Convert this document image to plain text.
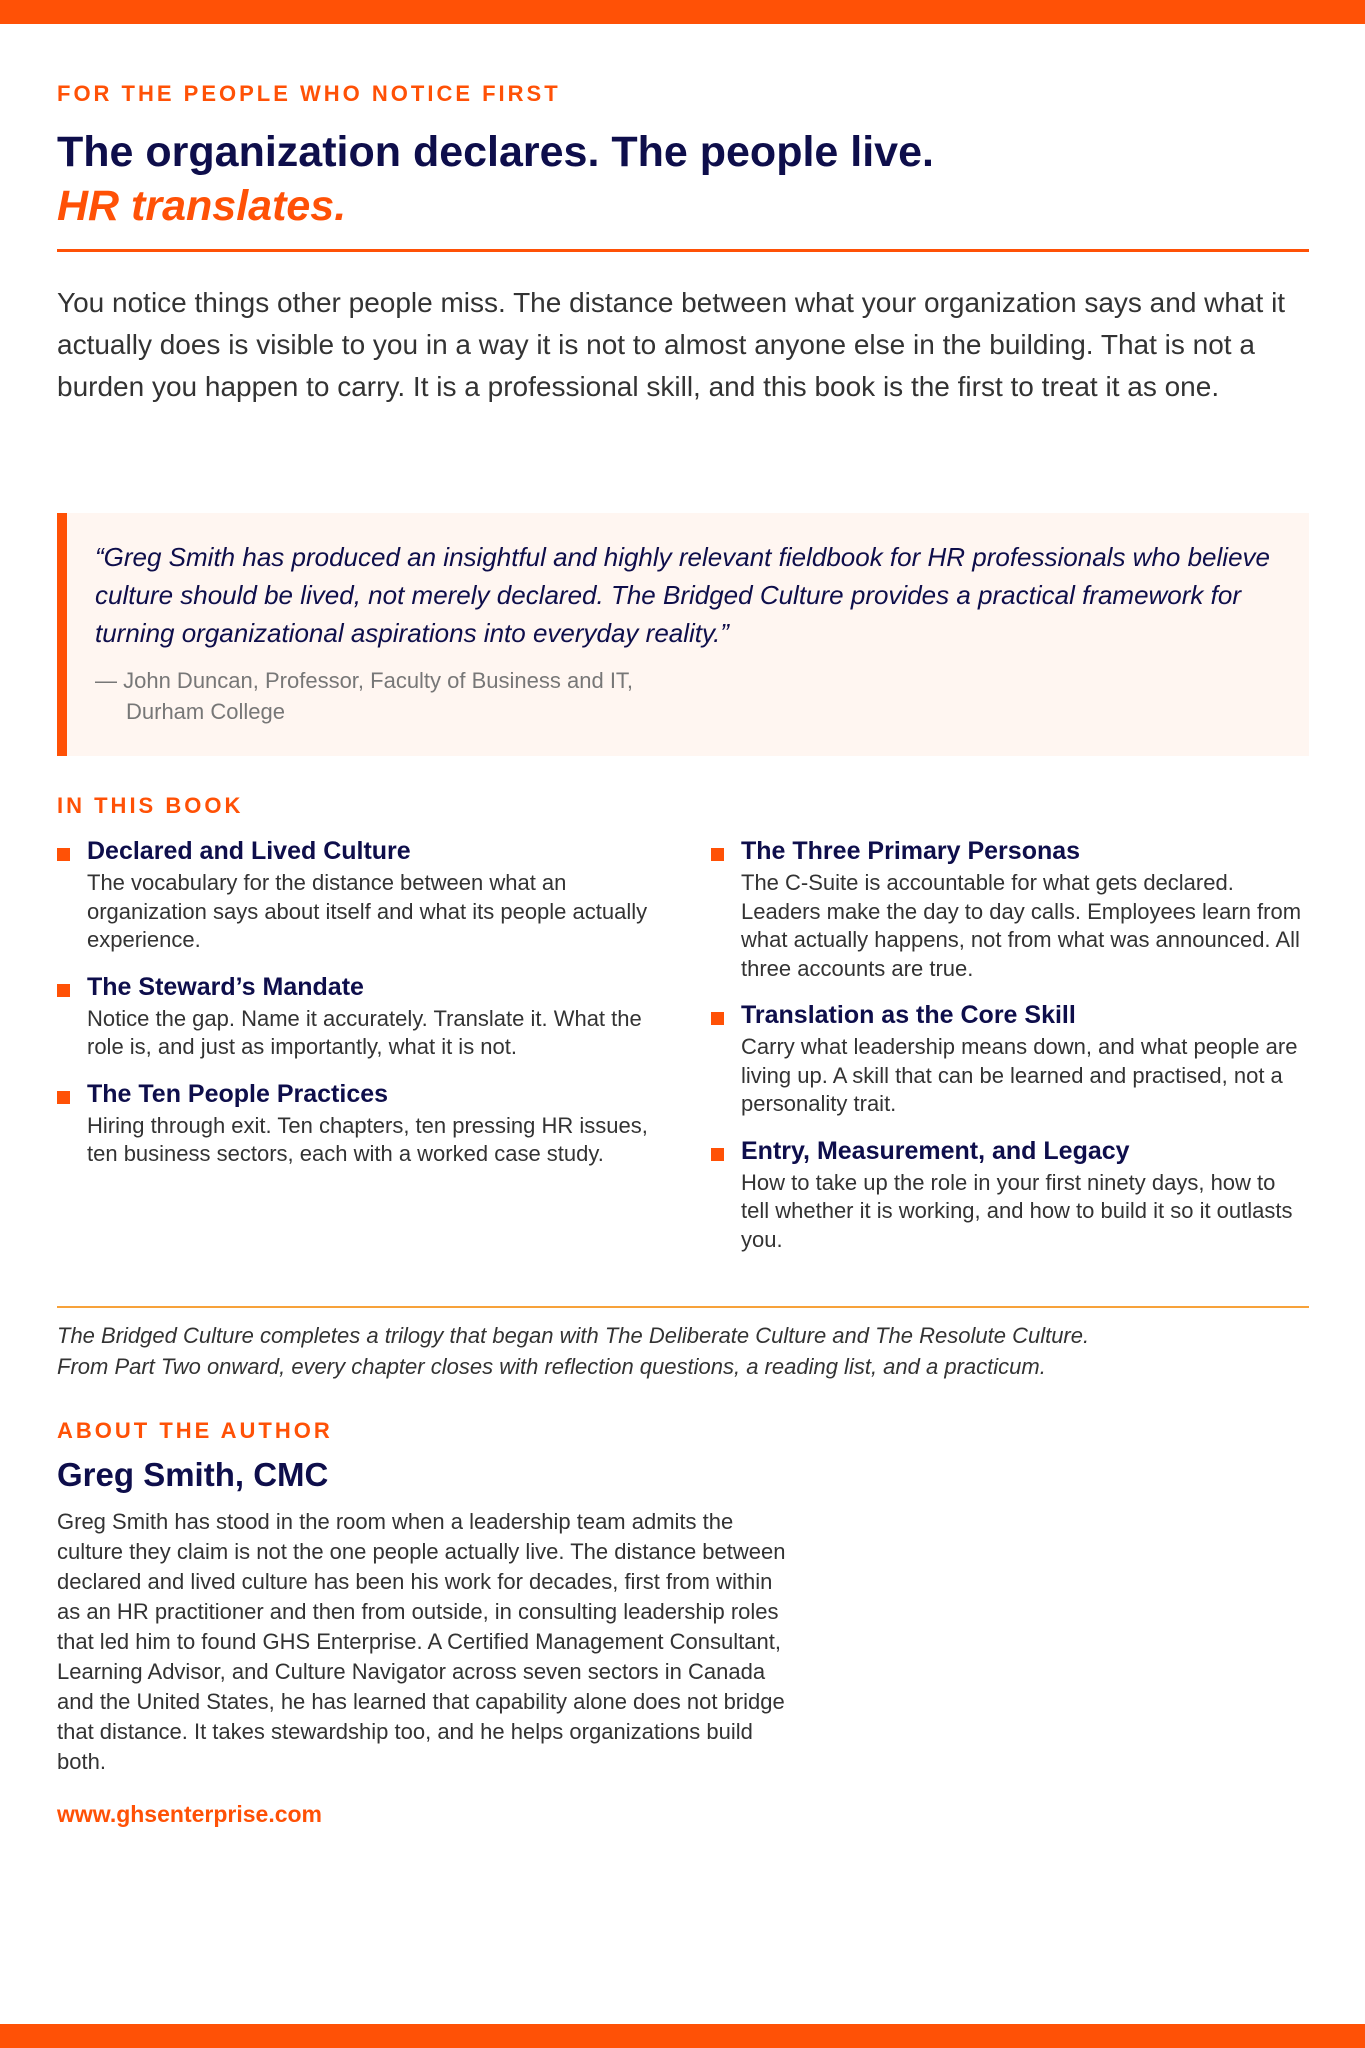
FOR THE PEOPLE WHO NOTICE FIRST
The organization declares. The people live.
HR translates.

You notice things other people miss. The distance between what your organization says and what it actually does is visible to you in a way it is not to almost anyone else in the building. That is not a burden you happen to carry. It is a professional skill, and this book is the first to treat it as one.

“Greg Smith has produced an insightful and highly relevant fieldbook for HR professionals who believe culture should be lived, not merely declared. The Bridged Culture provides a practical framework for turning organizational aspirations into everyday reality.”

— John Duncan, Professor, Faculty of Business and IT,
Durham College
IN THIS BOOK
Declared and Lived Culture
The vocabulary for the distance between what an organization says about itself and what its people actually experience.
The Steward’s Mandate
Notice the gap. Name it accurately. Translate it. What the role is, and just as importantly, what it is not.
The Ten People Practices
Hiring through exit. Ten chapters, ten pressing HR issues, ten business sectors, each with a worked case study.
The Three Primary Personas
The C-Suite is accountable for what gets declared. Leaders make the day to day calls. Employees learn from what actually happens, not from what was announced. All three accounts are true.
Translation as the Core Skill
Carry what leadership means down, and what people are living up. A skill that can be learned and practised, not a personality trait.
Entry, Measurement, and Legacy
How to take up the role in your first ninety days, how to tell whether it is working, and how to build it so it outlasts you.

The Bridged Culture completes a trilogy that began with The Deliberate Culture and The Resolute Culture.
From Part Two onward, every chapter closes with reflection questions, a reading list, and a practicum.

ABOUT THE AUTHOR
Greg Smith, CMC

Greg Smith has stood in the room when a leadership team admits the culture they claim is not the one people actually live. The distance between declared and lived culture has been his work for decades, first from within as an HR practitioner and then from outside, in consulting leadership roles that led him to found GHS Enterprise. A Certified Management Consultant, Learning Advisor, and Culture Navigator across seven sectors in Canada and the United States, he has learned that capability alone does not bridge that distance. It takes stewardship too, and he helps organizations build both.

www.ghsenterprise.com
